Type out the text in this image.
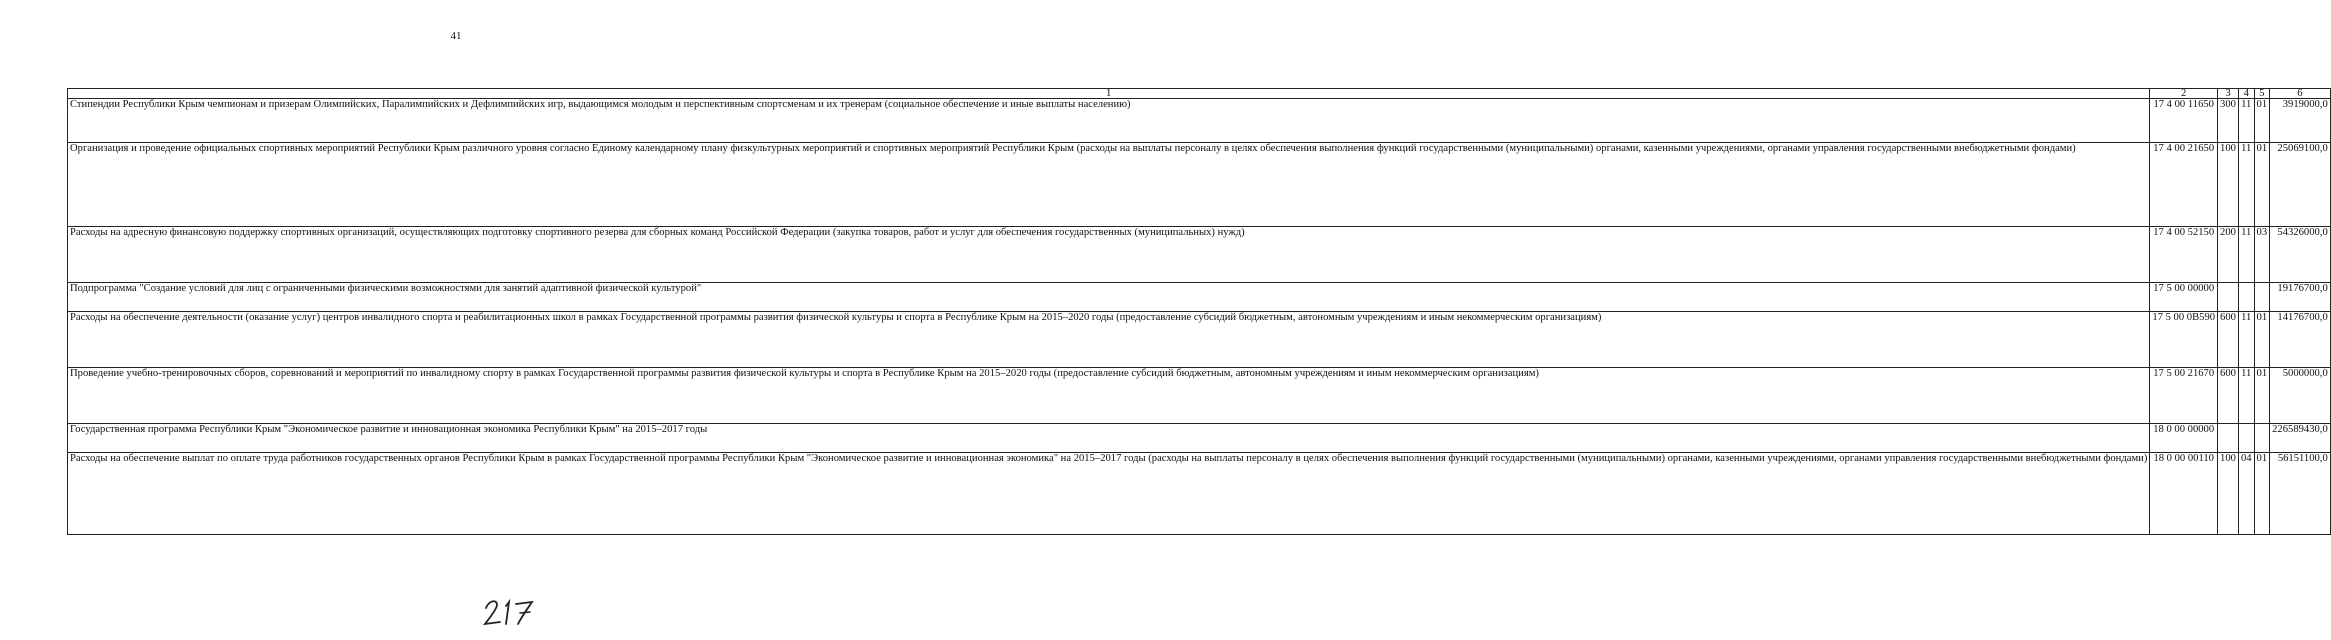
41
1	2	3	4	5	6
Стипендии Республики Крым чемпионам и призерам Олимпийских, Паралимпийских и Дефлимпийских игр, выдающимся молодым и перспективным спортсменам и их тренерам (социальное обеспечение и иные выплаты населению)	17 4 00 11650	300	11	01	3919000,0
Организация и проведение официальных спортивных мероприятий Республики Крым различного уровня согласно Единому календарному плану физкультурных мероприятий и спортивных мероприятий Республики Крым (расходы на выплаты персоналу в целях обеспечения выполнения функций государственными (муниципальными) органами, казенными учреждениями, органами управления государственными внебюджетными фондами)	17 4 00 21650	100	11	01	25069100,0
Расходы на адресную финансовую поддержку спортивных организаций, осуществляющих подготовку спортивного резерва для сборных команд Российской Федерации (закупка товаров, работ и услуг для обеспечения государственных (муниципальных) нужд)	17 4 00 52150	200	11	03	54326000,0
Подпрограмма "Создание условий для лиц с ограниченными физическими возможностями для занятий адаптивной физической культурой"	17 5 00 00000				19176700,0
Расходы на обеспечение деятельности (оказание услуг) центров инвалидного спорта и реабилитационных школ в рамках Государственной программы развития физической культуры и спорта в Республике Крым на 2015–2020 годы (предоставление субсидий бюджетным, автономным учреждениям и иным некоммерческим организациям)	17 5 00 0B590	600	11	01	14176700,0
Проведение учебно-тренировочных сборов, соревнований и мероприятий по инвалидному спорту в рамках Государственной программы развития физической культуры и спорта в Республике Крым на 2015–2020 годы (предоставление субсидий бюджетным, автономным учреждениям и иным некоммерческим организациям)	17 5 00 21670	600	11	01	5000000,0
Государственная программа Республики Крым "Экономическое развитие и инновационная экономика Республики Крым" на 2015–2017 годы	18 0 00 00000				226589430,0
Расходы на обеспечение выплат по оплате труда работников государственных органов Республики Крым в рамках Государственной программы Республики Крым "Экономическое развитие и инновационная экономика" на 2015–2017 годы (расходы на выплаты персоналу в целях обеспечения выполнения функций государственными (муниципальными) органами, казенными учреждениями, органами управления государственными внебюджетными фондами)	18 0 00 00110	100	04	01	56151100,0
